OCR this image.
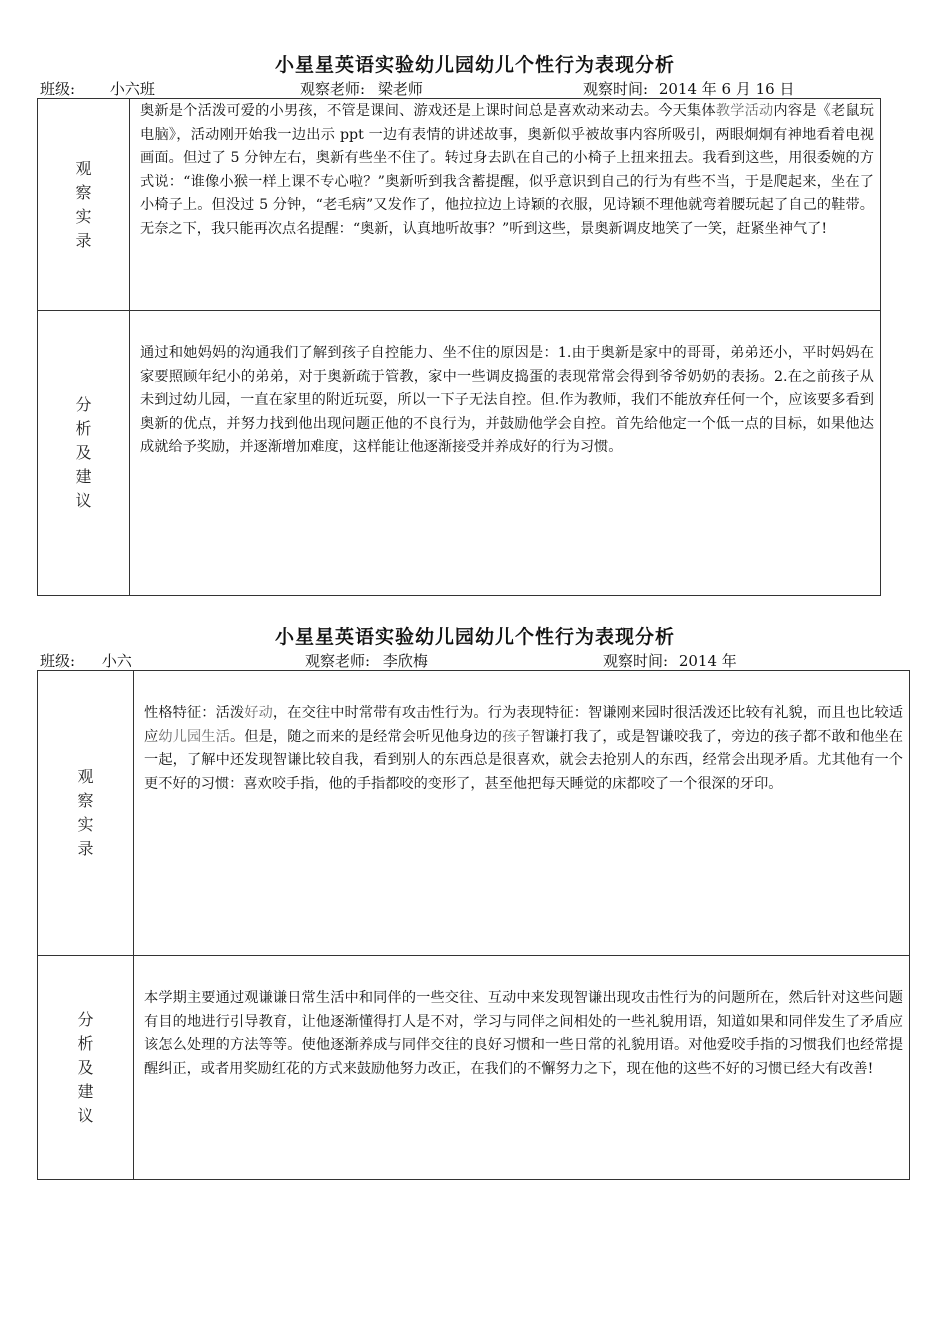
小星星英语实验幼儿园幼儿个性行为表现分析
班级: 小六班	观察老师: 梁老师	观察时间: 2014 年 6 月 16 日
观察实录	奥新是个活泼可爱的小男孩，不管是课间、游戏还是上课时间总是喜欢动来动去。今天集体教学活动内容是《老鼠玩电脑》，活动刚开始我一边出示 ppt 一边有表情的讲述故事，奥新似乎被故事内容所吸引，两眼炯炯有神地看着电视画面。但过了 5 分钟左右，奥新有些坐不住了。转过身去趴在自己的小椅子上扭来扭去。我看到这些，用很委婉的方式说：“谁像小猴一样上课不专心啦？”奥新听到我含蓄提醒，似乎意识到自己的行为有些不当，于是爬起来，坐在了小椅子上。但没过 5 分钟，“老毛病”又发作了，他拉拉边上诗颖的衣服，见诗颖不理他就弯着腰玩起了自己的鞋带。无奈之下，我只能再次点名提醒：“奥新，认真地听故事？”听到这些，景奥新调皮地笑了一笑，赶紧坐神气了!

分析及建议	通过和她妈妈的沟通我们了解到孩子自控能力、坐不住的原因是：1.由于奥新是家中的哥哥，弟弟还小，平时妈妈在家要照顾年纪小的弟弟，对于奥新疏于管教，家中一些调皮捣蛋的表现常常会得到爷爷奶奶的表扬。2.在之前孩子从未到过幼儿园，一直在家里的附近玩耍，所以一下子无法自控。但.作为教师，我们不能放弃任何一个，应该要多看到奥新的优点，并努力找到他出现问题正他的不良行为，并鼓励他学会自控。首先给他定一个低一点的目标，如果他达成就给予奖励，并逐渐增加难度，这样能让他逐渐接受并养成好的行为习惯。
小星星英语实验幼儿园幼儿个性行为表现分析
班级: 小六	观察老师: 李欣梅	观察时间: 2014 年
观察实录	性格特征：活泼好动，在交往中时常带有攻击性行为。行为表现特征：智谦刚来园时很活泼还比较有礼貌，而且也比较适应幼儿园生活。但是，随之而来的是经常会听见他身边的孩子智谦打我了，或是智谦咬我了，旁边的孩子都不敢和他坐在一起，了解中还发现智谦比较自我，看到别人的东西总是很喜欢，就会去抢别人的东西，经常会出现矛盾。尤其他有一个更不好的习惯：喜欢咬手指，他的手指都咬的变形了，甚至他把每天睡觉的床都咬了一个很深的牙印。

分析及建议	本学期主要通过观谦谦日常生活中和同伴的一些交往、互动中来发现智谦出现攻击性行为的问题所在，然后针对这些问题有目的地进行引导教育，让他逐渐懂得打人是不对，学习与同伴之间相处的一些礼貌用语，知道如果和同伴发生了矛盾应该怎么处理的方法等等。使他逐渐养成与同伴交往的良好习惯和一些日常的礼貌用语。对他爱咬手指的习惯我们也经常提醒纠正，或者用奖励红花的方式来鼓励他努力改正，在我们的不懈努力之下，现在他的这些不好的习惯已经大有改善!
